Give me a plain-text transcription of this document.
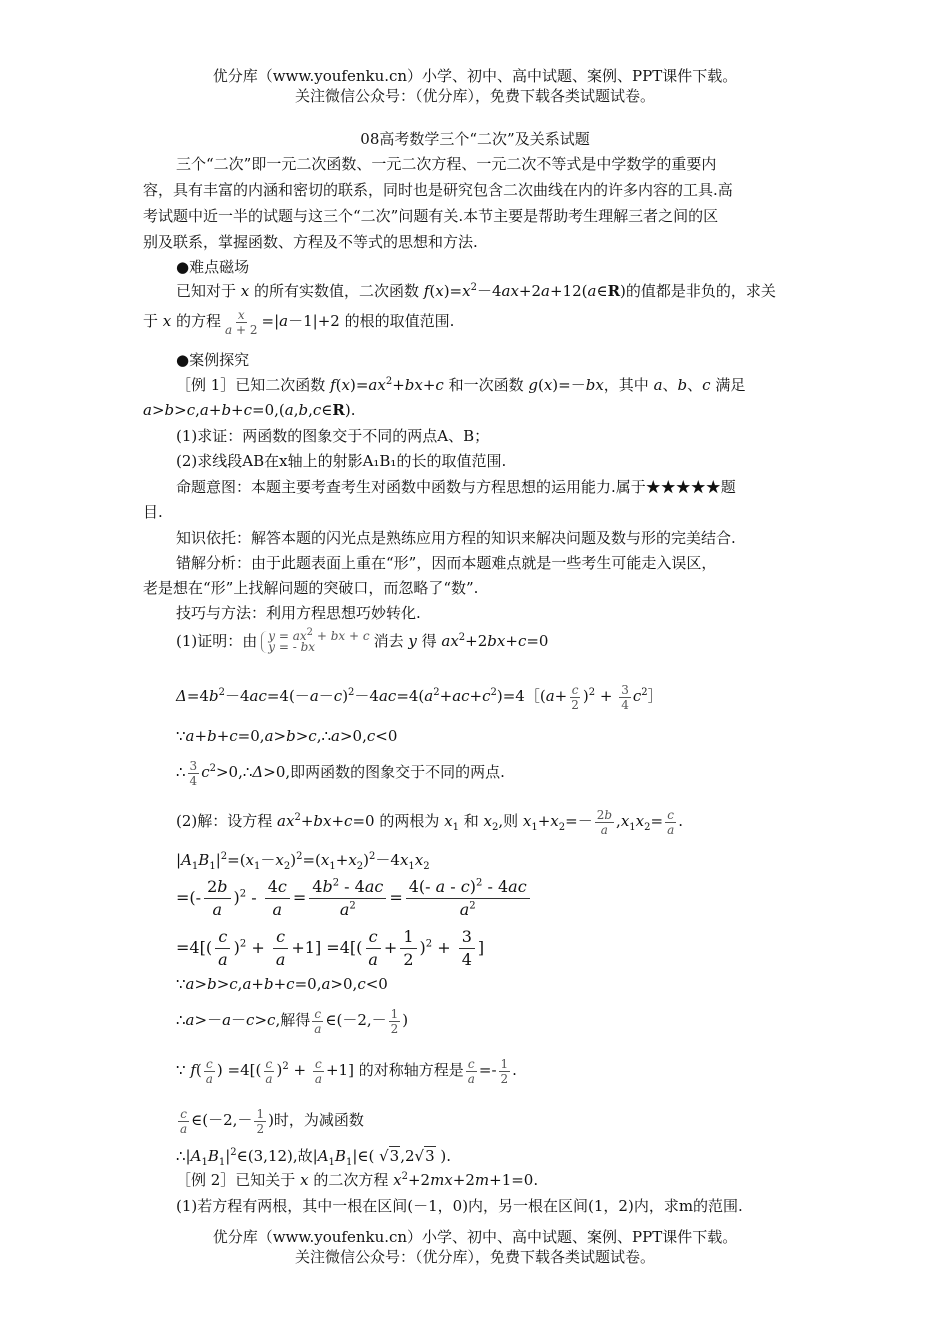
优分库（www.youfenku.cn）小学、初中、高中试题、案例、PPT课件下载。
关注微信公众号：（优分库），免费下载各类试题试卷。
08高考数学三个“二次”及关系试题
三个“二次”即一元二次函数、一元二次方程、一元二次不等式是中学数学的重要内
容，具有丰富的内涵和密切的联系，同时也是研究包含二次曲线在内的许多内容的工具.高
考试题中近一半的试题与这三个“二次”问题有关.本节主要是帮助考生理解三者之间的区
别及联系，掌握函数、方程及不等式的思想和方法.
●难点磁场
已知对于 x 的所有实数值，二次函数 $f(x)=x^2-4ax+2a+12(a\in R)$的值都是非负的，求关
于 x 的方程 $\frac{x}{a + 2} =|a-1|+2$ 的根的取值范围.
●案例探究
［例 1］已知二次函数 $f(x)=ax^2+bx+c$ 和一次函数 g(x)=－bx，其中 a、b、c 满足
a>b>c,a+b+c=0,(a,b,c∈R).
(1)求证：两函数的图象交于不同的两点A、B；
(2)求线段AB在x轴上的射影A₁B₁的长的取值范围.
命题意图：本题主要考查考生对函数中函数与方程思想的运用能力.属于★★★★★题
目.
知识依托：解答本题的闪光点是熟练应用方程的知识来解决问题及数与形的完美结合.
错解分析：由于此题表面上重在“形”，因而本题难点就是一些考生可能走入误区，
老是想在“形”上找解问题的突破口，而忽略了“数”.
技巧与方法：利用方程思想巧妙转化.
(1)证明：由 $y = ax^2$ + bx + c
y = - bx	消去 y 得 $ax^2+2bx+c=0$
$\Delta=4b^2-4ac=4(-a-c)^2-4ac=4(a^2+ac+c^2)=4[(a+ \frac{c}{2} )^2 + \frac{3}{4}$ $c^2]$
∵a+b+c=0,a>b>c,∴a>0,c<0
∴ $\frac{3}{4}$ $c^2>0,\therefore\Delta>0$,即两函数的图象交于不同的两点.
(2)解：设方程 $ax^2+bx+c=0$ 的两根为 $x_1$ 和 $x_2$,则 $x_1+x_2=- \frac{2b}{a} ,x_1x_2= \frac{c}{a}$ .
$|A_1B_1|^2=(x_1-x_2)^2=(x_1+x_2)^2-4x_1x_2$
=(- $\frac{2b}{a} )^2 - \frac{4c}{a} = \frac{4b^2 - 4ac}{a^2} = \frac{4(- a - c)^2 - 4ac}{a^2}$
$=4[( \frac{c}{a} )^2 + \frac{c}{a} +1] =4[( \frac{c}{a} + \frac{1}{2} )^2 + \frac{3}{4}$ ]
∵a>b>c,a+b+c=0,a>0,c<0
∴a>－a－c>c,解得 $\frac{c}{a}$ ∈(－2,－ $\frac{1}{2}$ )
∵ $f( \frac{c}{a}$ ) $=4[( \frac{c}{a} )^2 + \frac{c}{a} +1]$ 的对称轴方程是 $\frac{c}{a} =- \frac{1}{2}$ .
$\frac{c}{a}$ ∈(－2,－ $\frac{1}{2}$ )时，为减函数
$\therefore|A_1B_1|^2\in(3,12)$,故$|A_1B_1|\in$( √3,2√3 ).
［例 2］已知关于 x 的二次方程 $x^2+2mx+2m+1=0$.
(1)若方程有两根，其中一根在区间(－1，0)内，另一根在区间(1，2)内，求m的范围.
优分库（www.youfenku.cn）小学、初中、高中试题、案例、PPT课件下载。
关注微信公众号：（优分库），免费下载各类试题试卷。
